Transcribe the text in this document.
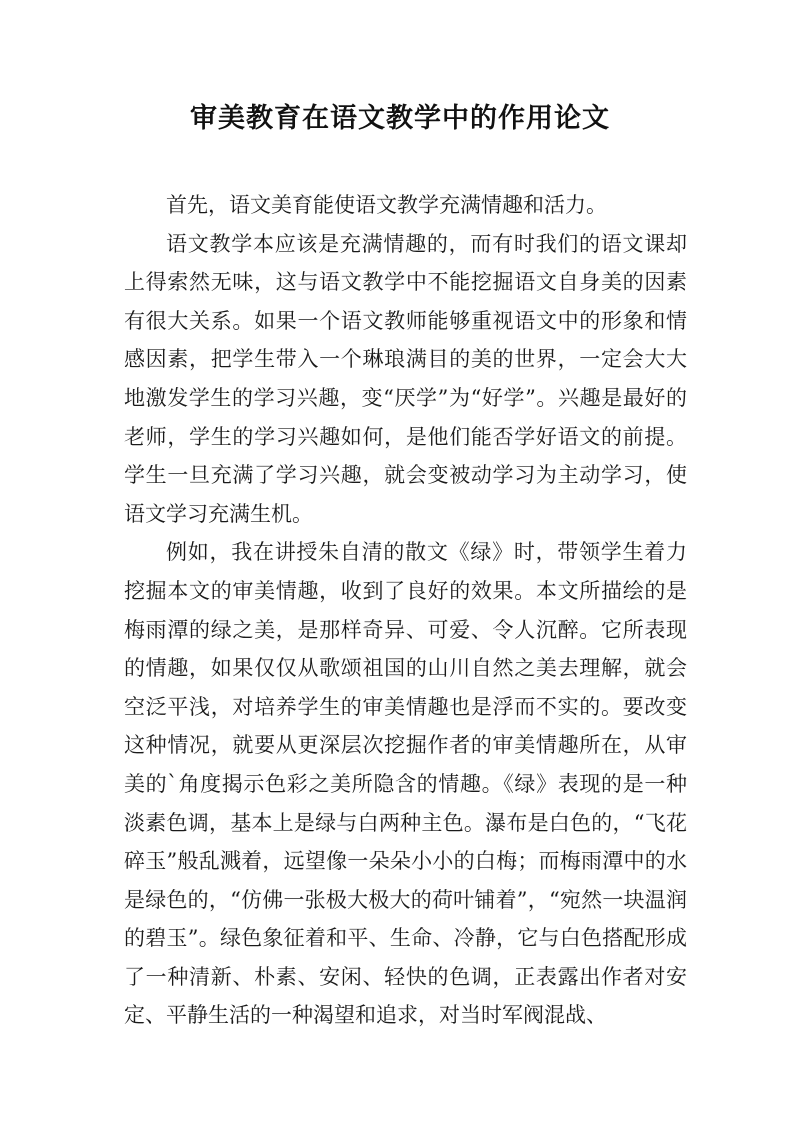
审美教育在语文教学中的作用论文

首先，语文美育能使语文教学充满情趣和活力。

语文教学本应该是充满情趣的，而有时我们的语文课却上得索然无味，这与语文教学中不能挖掘语文自身美的因素有很大关系。如果一个语文教师能够重视语文中的形象和情感因素，把学生带入一个琳琅满目的美的世界，一定会大大地激发学生的学习兴趣，变“厌学”为“好学”。兴趣是最好的老师，学生的学习兴趣如何，是他们能否学好语文的前提。学生一旦充满了学习兴趣，就会变被动学习为主动学习，使语文学习充满生机。

例如，我在讲授朱自清的散文《绿》时，带领学生着力挖掘本文的审美情趣，收到了良好的效果。本文所描绘的是梅雨潭的绿之美，是那样奇异、可爱、令人沉醉。它所表现的情趣，如果仅仅从歌颂祖国的山川自然之美去理解，就会空泛平浅，对培养学生的审美情趣也是浮而不实的。要改变这种情况，就要从更深层次挖掘作者的审美情趣所在，从审美的`角度揭示色彩之美所隐含的情趣。《绿》表现的是一种淡素色调，基本上是绿与白两种主色。瀑布是白色的，“飞花碎玉”般乱溅着，远望像一朵朵小小的白梅；而梅雨潭中的水是绿色的，“仿佛一张极大极大的荷叶铺着”，“宛然一块温润的碧玉”。绿色象征着和平、生命、冷静，它与白色搭配形成了一种清新、朴素、安闲、轻快的色调，正表露出作者对安定、平静生活的一种渴望和追求，对当时军阀混战、
